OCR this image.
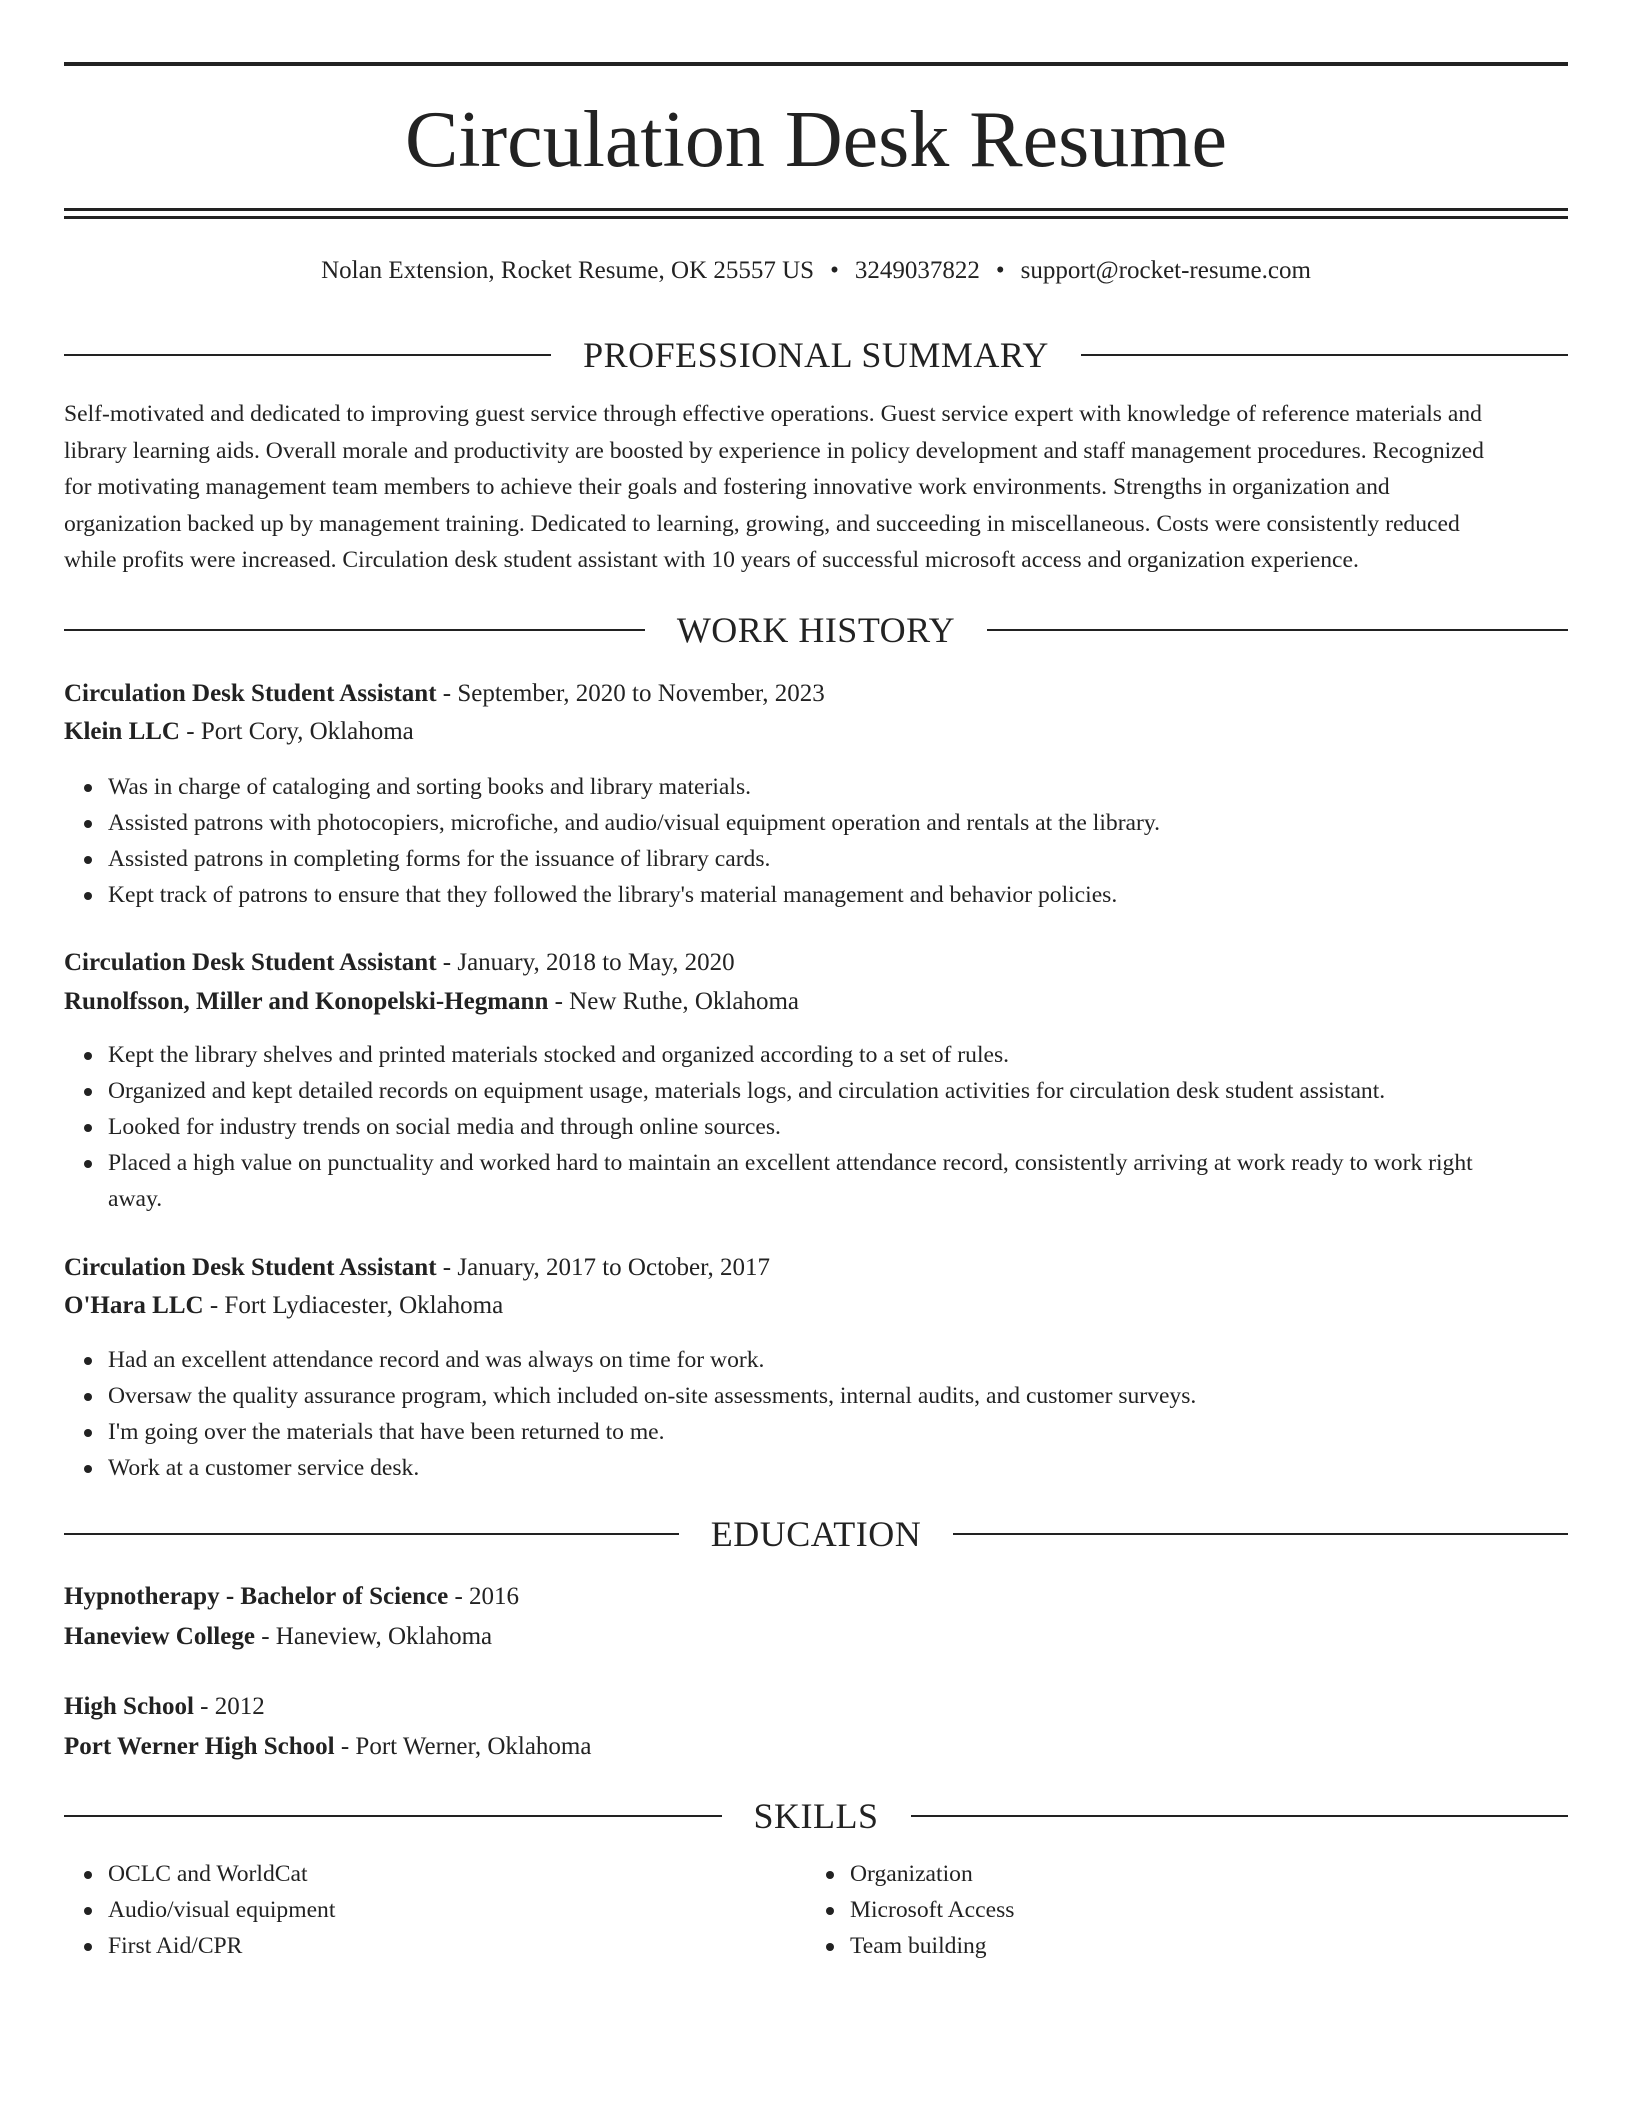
Circulation Desk Resume
Nolan Extension, Rocket Resume, OK 25557 US • 3249037822 • support@rocket-resume.com
PROFESSIONAL SUMMARY
Self-motivated and dedicated to improving guest service through effective operations. Guest service expert with knowledge of reference materials and
library learning aids. Overall morale and productivity are boosted by experience in policy development and staff management procedures. Recognized
for motivating management team members to achieve their goals and fostering innovative work environments. Strengths in organization and
organization backed up by management training. Dedicated to learning, growing, and succeeding in miscellaneous. Costs were consistently reduced
while profits were increased. Circulation desk student assistant with 10 years of successful microsoft access and organization experience.
WORK HISTORY
Circulation Desk Student Assistant - September, 2020 to November, 2023
Klein LLC - Port Cory, Oklahoma
Was in charge of cataloging and sorting books and library materials.
Assisted patrons with photocopiers, microfiche, and audio/visual equipment operation and rentals at the library.
Assisted patrons in completing forms for the issuance of library cards.
Kept track of patrons to ensure that they followed the library's material management and behavior policies.
Circulation Desk Student Assistant - January, 2018 to May, 2020
Runolfsson, Miller and Konopelski-Hegmann - New Ruthe, Oklahoma
Kept the library shelves and printed materials stocked and organized according to a set of rules.
Organized and kept detailed records on equipment usage, materials logs, and circulation activities for circulation desk student assistant.
Looked for industry trends on social media and through online sources.
Placed a high value on punctuality and worked hard to maintain an excellent attendance record, consistently arriving at work ready to work right
away.
Circulation Desk Student Assistant - January, 2017 to October, 2017
O'Hara LLC - Fort Lydiacester, Oklahoma
Had an excellent attendance record and was always on time for work.
Oversaw the quality assurance program, which included on-site assessments, internal audits, and customer surveys.
I'm going over the materials that have been returned to me.
Work at a customer service desk.
EDUCATION
Hypnotherapy - Bachelor of Science - 2016
Haneview College - Haneview, Oklahoma
High School - 2012
Port Werner High School - Port Werner, Oklahoma
SKILLS
OCLC and WorldCat
Audio/visual equipment
First Aid/CPR
Organization
Microsoft Access
Team building
